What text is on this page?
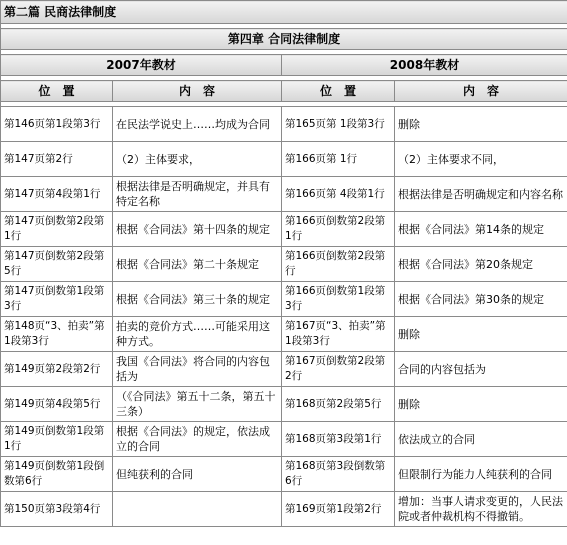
第二篇 民商法律制度			

第四章 合同法律制度			

2007年教材		2008年教材	

位　置	内　容	位　置	内　容

第146页第1段第3行	在民法学说史上……均成为合同	第165页第 1段第3行	删除
第147页第2行	（2）主体要求，	第166页第 1行	（2）主体要求不同，
第147页第4段第1行	根据法律是否明确规定，并具有特定名称	第166页第 4段第1行	根据法律是否明确规定和内容名称
第147页倒数第2段第1行	根据《合同法》第十四条的规定	第166页倒数第2段第1行	根据《合同法》第14条的规定
第147页倒数第2段第5行	根据《合同法》第二十条规定	第166页倒数第2段第行	根据《合同法》第20条规定
第147页倒数第1段第3行	根据《合同法》第三十条的规定	第166页倒数第1段第3行	根据《合同法》第30条的规定
第148页“3、拍卖”第1段第3行	拍卖的竞价方式……可能采用这种方式。	第167页“3、拍卖”第1段第3行	删除
第149页第2段第2行	我国《合同法》将合同的内容包括为	第167页倒数第2段第2行	合同的内容包括为
第149页第4段第5行	（《合同法》第五十二条，第五十三条）	第168页第2段第5行	删除
第149页倒数第1段第1行	根据《合同法》的规定，依法成立的合同	第168页第3段第1行	依法成立的合同
第149页倒数第1段倒数第6行	但纯获利的合同	第168页第3段倒数第6行	但限制行为能力人纯获利的合同
第150页第3段第4行		第169页第1段第2行	增加：当事人请求变更的，人民法院或者仲裁机构不得撤销。
